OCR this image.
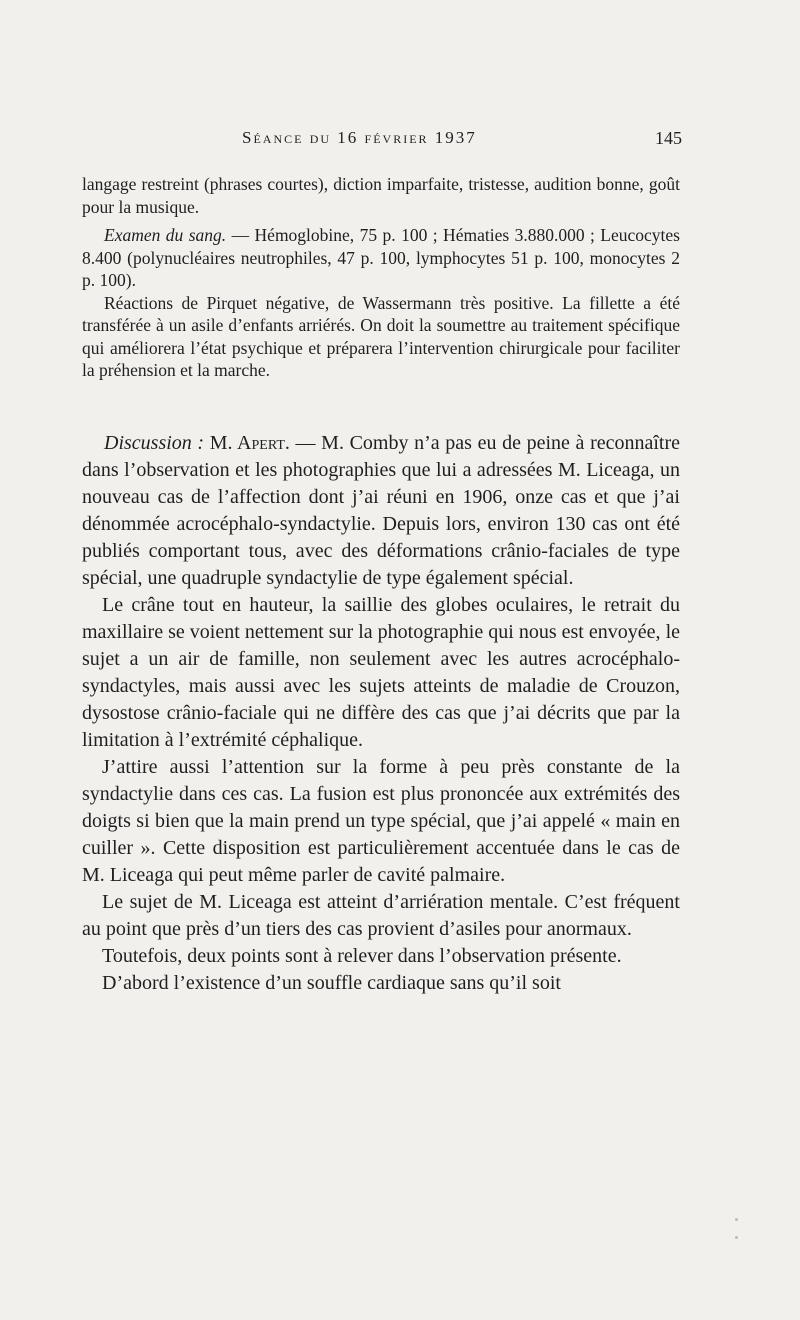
Séance du 16 février 1937	145

langage restreint (phrases courtes), diction imparfaite, tristesse, audition bonne, goût pour la musique.

Examen du sang. — Hémoglobine, 75 p. 100 ; Hématies 3.880.000 ; Leucocytes 8.400 (polynucléaires neutrophiles, 47 p. 100, lymphocytes 51 p. 100, monocytes 2 p. 100).

Réactions de Pirquet négative, de Wassermann très positive. La fillette a été transférée à un asile d’enfants arriérés. On doit la soumettre au traitement spécifique qui améliorera l’état psychique et préparera l’intervention chirurgicale pour faciliter la préhension et la marche.

Discussion : M. Apert. — M. Comby n’a pas eu de peine à reconnaître dans l’observation et les photographies que lui a adressées M. Liceaga, un nouveau cas de l’affection dont j’ai réuni en 1906, onze cas et que j’ai dénommée acrocéphalo-syndactylie. Depuis lors, environ 130 cas ont été publiés comportant tous, avec des déformations crânio-faciales de type spécial, une quadruple syndactylie de type également spécial.

Le crâne tout en hauteur, la saillie des globes oculaires, le retrait du maxillaire se voient nettement sur la photographie qui nous est envoyée, le sujet a un air de famille, non seulement avec les autres acrocéphalo-syndactyles, mais aussi avec les sujets atteints de maladie de Crouzon, dysostose crânio-faciale qui ne diffère des cas que j’ai décrits que par la limitation à l’extrémité céphalique.

J’attire aussi l’attention sur la forme à peu près constante de la syndactylie dans ces cas. La fusion est plus prononcée aux extrémités des doigts si bien que la main prend un type spécial, que j’ai appelé « main en cuiller ». Cette disposition est particulièrement accentuée dans le cas de M. Liceaga qui peut même parler de cavité palmaire.

Le sujet de M. Liceaga est atteint d’arriération mentale. C’est fréquent au point que près d’un tiers des cas provient d’asiles pour anormaux.

Toutefois, deux points sont à relever dans l’observation présente.

D’abord l’existence d’un souffle cardiaque sans qu’il soit
